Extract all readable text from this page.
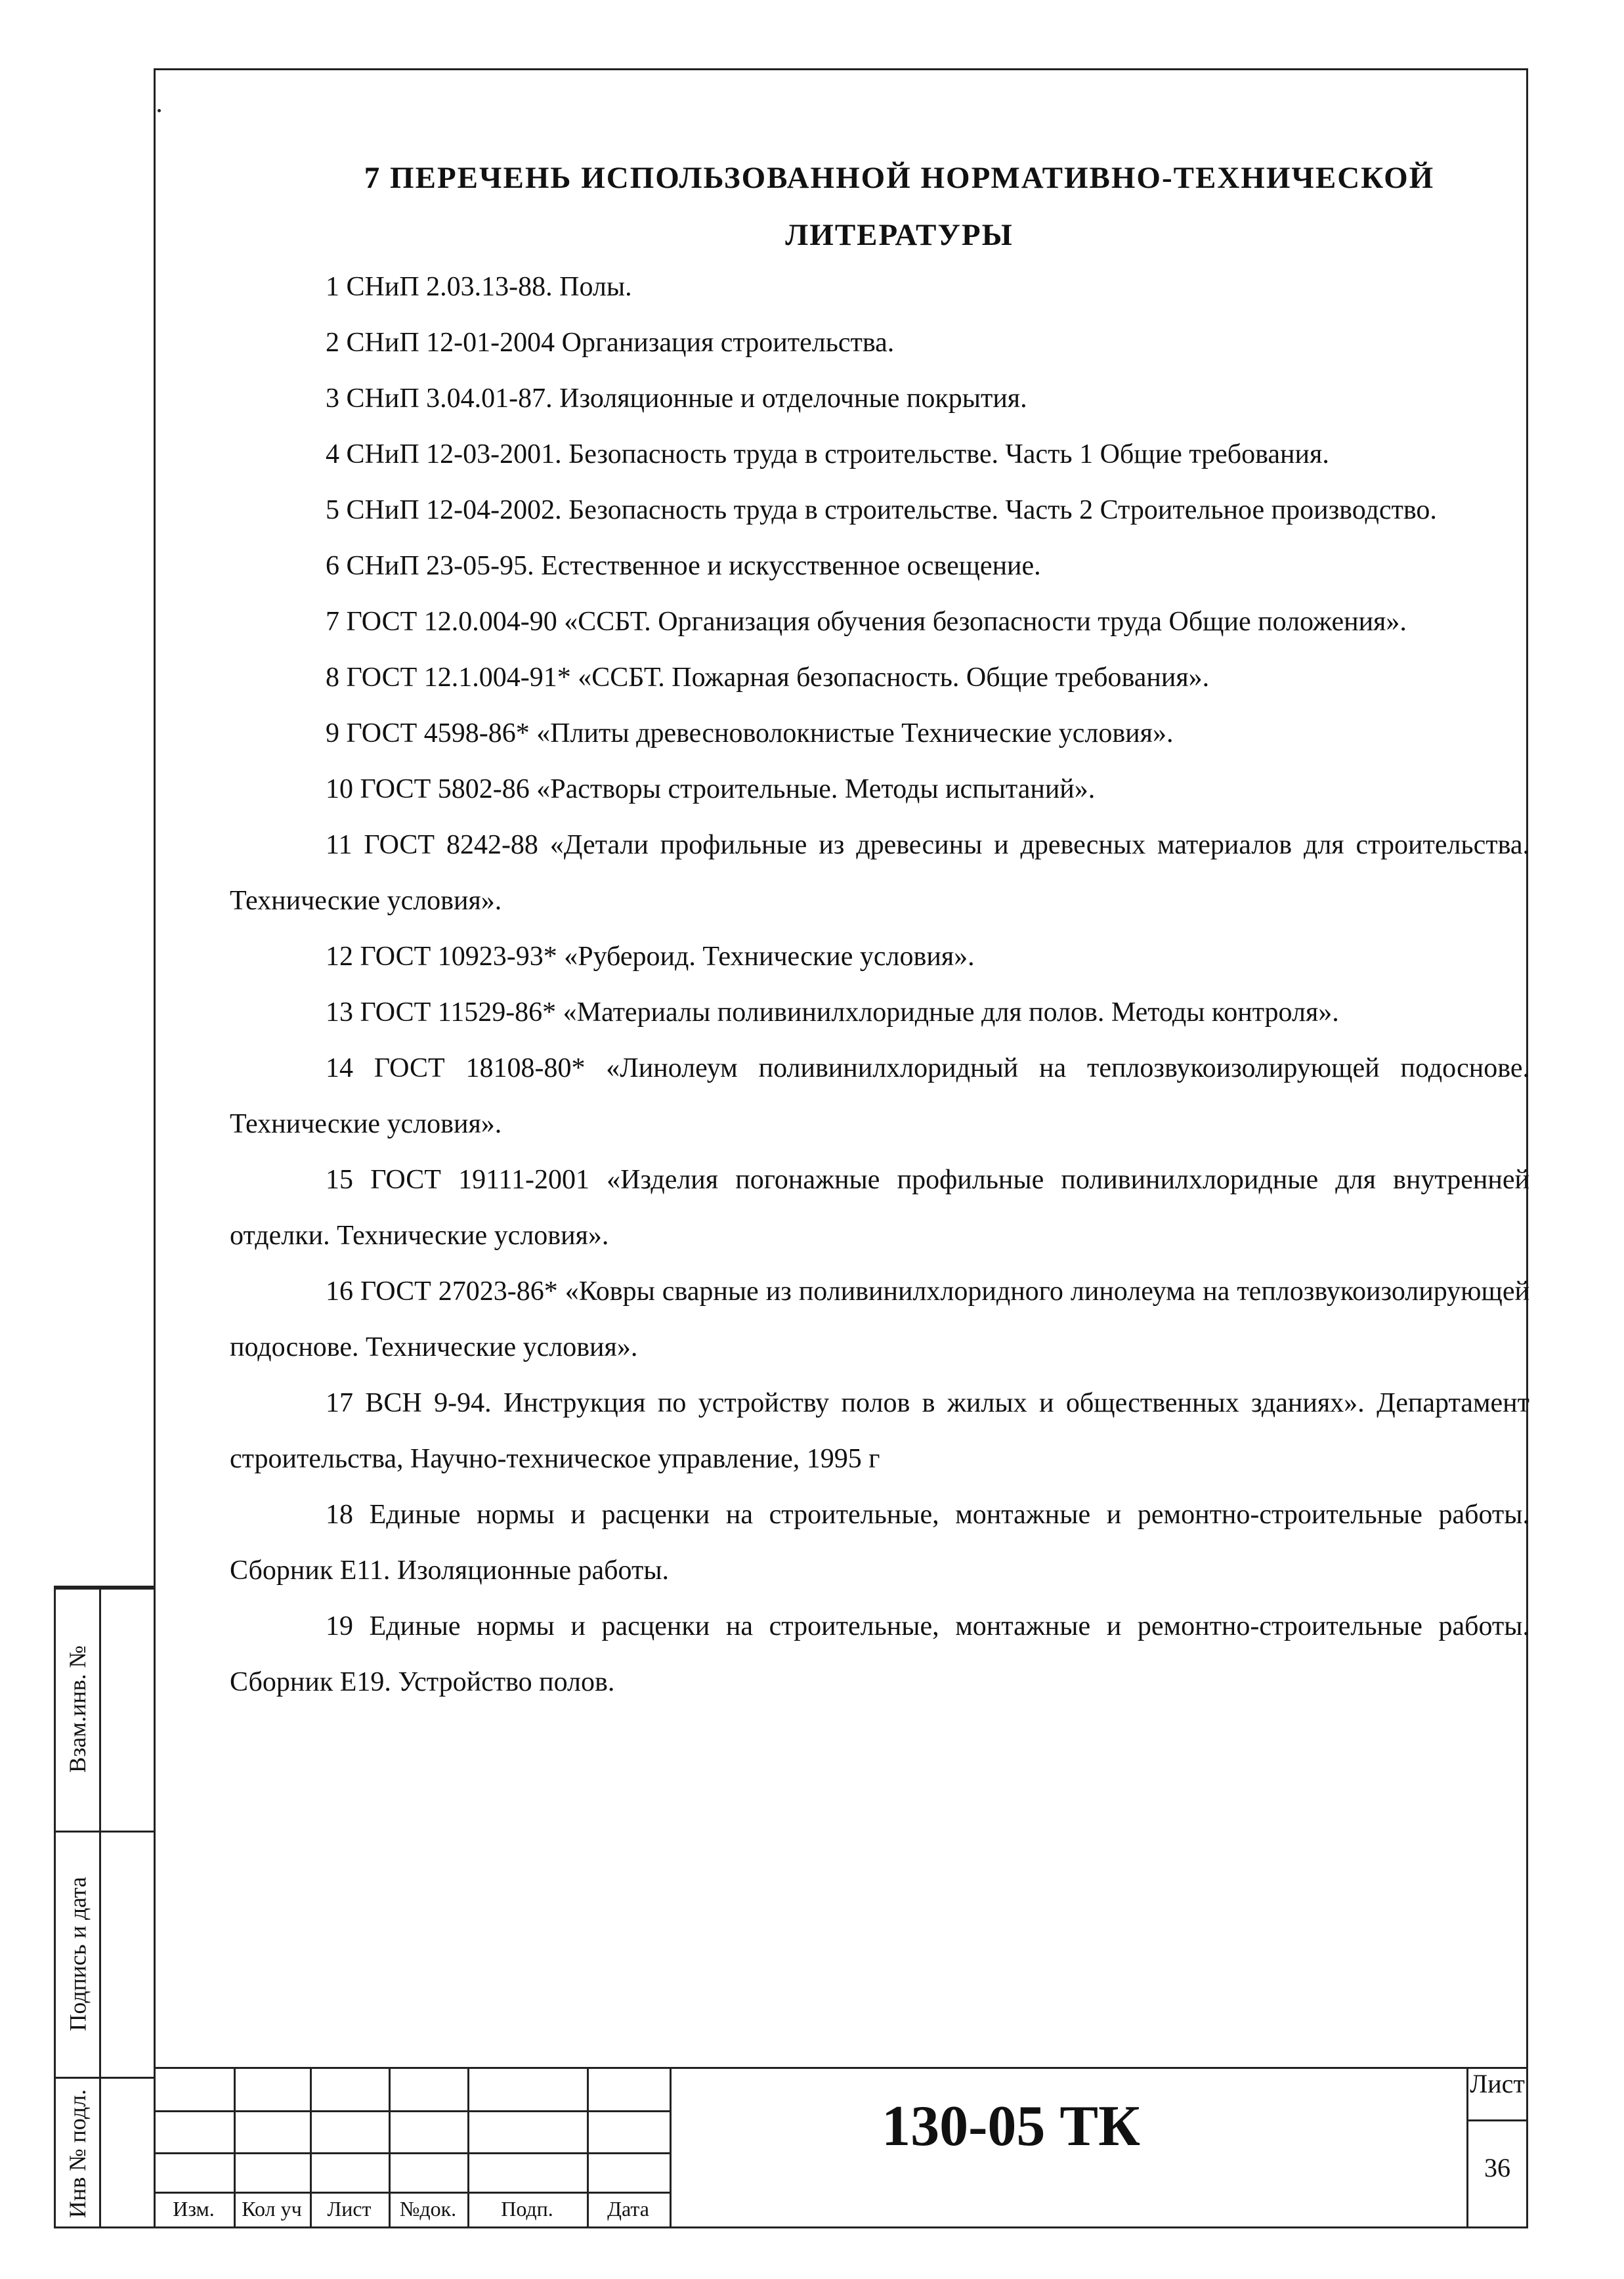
7 ПЕРЕЧЕНЬ ИСПОЛЬЗОВАННОЙ НОРМАТИВНО-ТЕХНИЧЕСКОЙ
ЛИТЕРАТУРЫ

1 СНиП 2.03.13-88. Полы.

2 СНиП 12-01-2004 Организация строительства.

3 СНиП 3.04.01-87. Изоляционные и отделочные покрытия.

4 СНиП 12-03-2001. Безопасность труда в строительстве. Часть 1 Общие требования.

5 СНиП 12-04-2002. Безопасность труда в строительстве. Часть 2 Строительное производство.

6 СНиП 23-05-95. Естественное и искусственное освещение.

7 ГОСТ 12.0.004-90 «ССБТ. Организация обучения безопасности труда Общие положения».

8 ГОСТ 12.1.004-91* «ССБТ. Пожарная безопасность. Общие требования».

9 ГОСТ 4598-86* «Плиты древесноволокнистые Технические условия».

10 ГОСТ 5802-86 «Растворы строительные. Методы испытаний».

11 ГОСТ 8242-88 «Детали профильные из древесины и древесных материалов для строительства. Технические условия».

12 ГОСТ 10923-93* «Рубероид. Технические условия».

13 ГОСТ 11529-86* «Материалы поливинилхлоридные для полов. Методы контроля».

14 ГОСТ 18108-80* «Линолеум поливинилхлоридный на теплозвукоизолирующей подоснове. Технические условия».

15 ГОСТ 19111-2001 «Изделия погонажные профильные поливинилхлоридные для внутренней отделки. Технические условия».

16 ГОСТ 27023-86* «Ковры сварные из поливинилхлоридного линолеума на теплозвукоизолирующей подоснове. Технические условия».

17 ВСН 9-94. Инструкция по устройству полов в жилых и общественных зданиях». Департамент строительства, Научно-техническое управление, 1995 г

18 Единые нормы и расценки на строительные, монтажные и ремонтно-строительные работы. Сборник Е11. Изоляционные работы.

19 Единые нормы и расценки на строительные, монтажные и ремонтно-строительные работы. Сборник Е19. Устройство полов.

Взам.инв. №
Подпись и дата
Инв № подл.	Изм.	Кол уч	Лист	№док.	Подп.	Дата
130-05 ТК
Лист
36
